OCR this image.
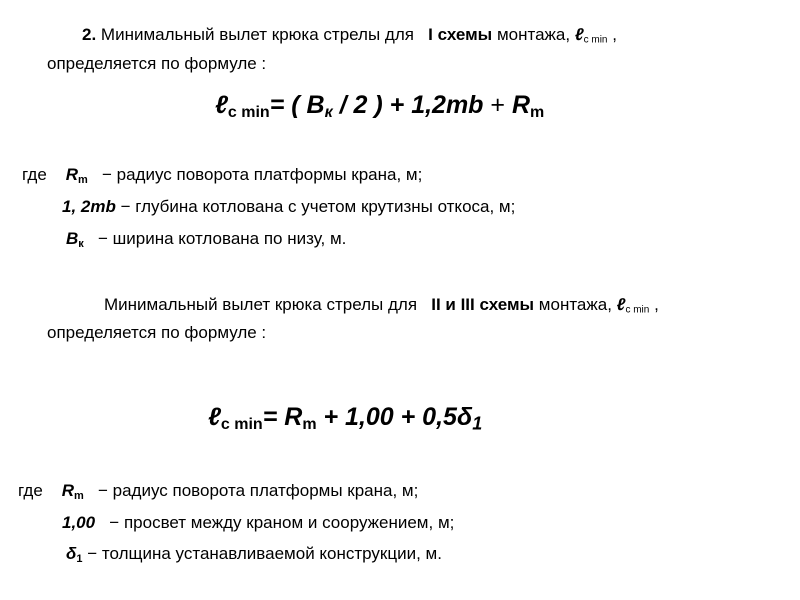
2. Минимальный вылет крюка стрелы для I схемы монтажа, ℓ$_{c min}$ ,
определяется по формуле :
ℓ$_{c min}$= ( $B_к / 2$ ) + $1,2mb + R_m$
где $R_m$ − радиус поворота платформы крана, м;
1, 2mb − глубина котлована с учетом крутизны откоса, м;
$B_к$ − ширина котлована по низу, м.
Минимальный вылет крюка стрелы для II и III схемы монтажа, ℓ$_{c min}$ ,
определяется по формуле :
ℓ$_{c min}$= $R_m + 1,00 + 0,5\delta_1$
где $R_m$ − радиус поворота платформы крана, м;
1,00 − просвет между краном и сооружением, м;
$\delta_1$ − толщина устанавливаемой конструкции, м.
